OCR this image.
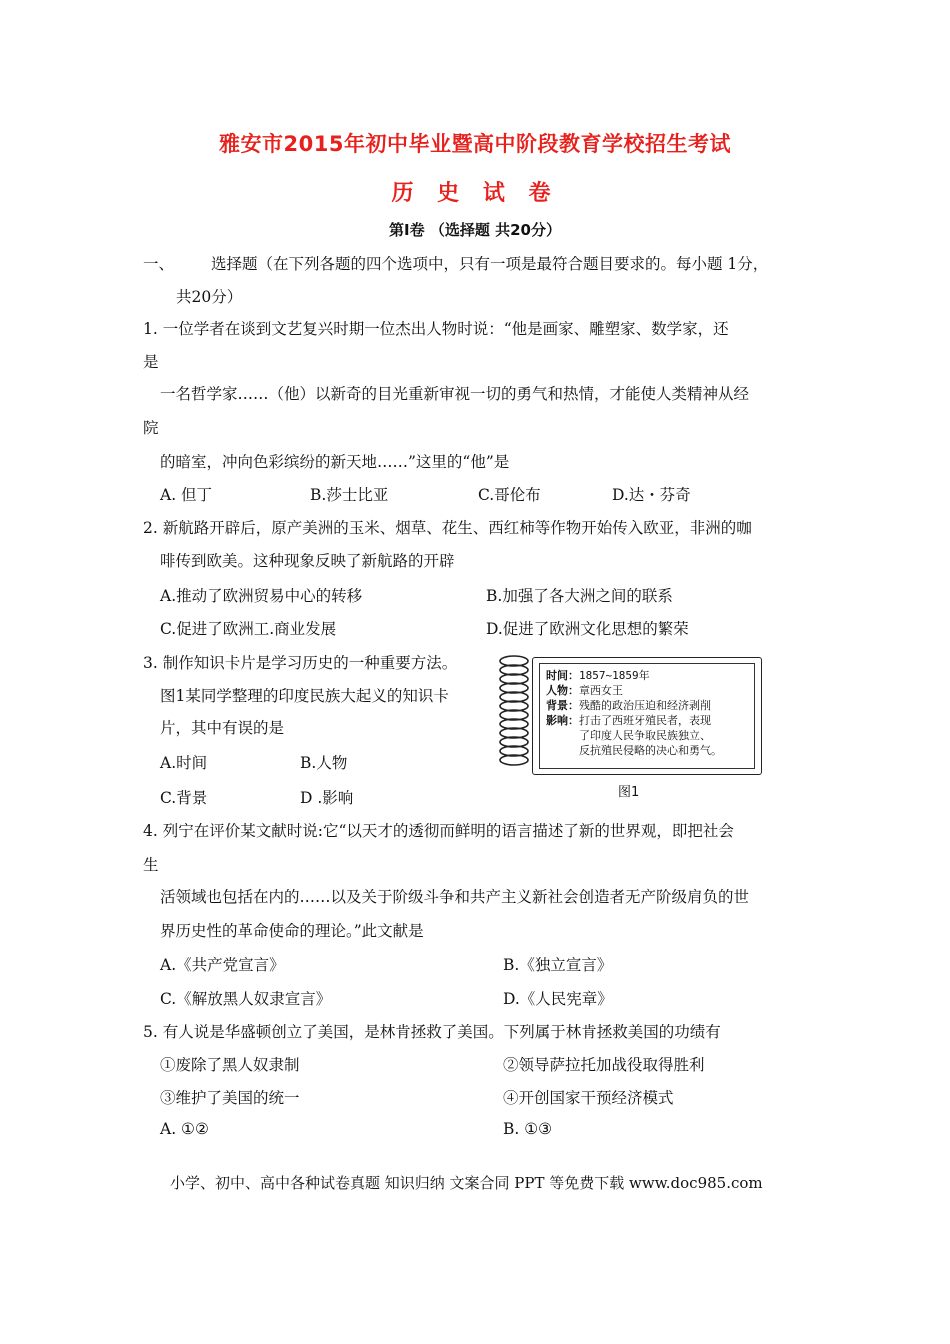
雅安市2015年初中毕业暨高中阶段教育学校招生考试
历 史 试 卷
第Ⅰ卷 （选择题 共20分）
一、 选择题（在下列各题的四个选项中，只有一项是最符合题目要求的。每小题 1分，
共20分）
1. 一位学者在谈到文艺复兴时期一位杰出人物时说：“他是画家、雕塑家、数学家，还
是
一名哲学家……（他）以新奇的目光重新审视一切的勇气和热情，才能使人类精神从经
院
的暗室，冲向色彩缤纷的新天地……”这里的“他”是
A. 但丁	B.莎士比亚	C.哥伦布	D.达・芬奇
2. 新航路开辟后，原产美洲的玉米、烟草、花生、西红柿等作物开始传入欧亚，非洲的咖
啡传到欧美。这种现象反映了新航路的开辟
A.推动了欧洲贸易中心的转移	B.加强了各大洲之间的联系
C.促进了欧洲工.商业发展	D.促进了欧洲文化思想的繁荣
3. 制作知识卡片是学习历史的一种重要方法。
图1某同学整理的印度民族大起义的知识卡
片，其中有误的是
A.时间	B.人物
C.背景	D .影响
时间：1857~1859年
人物：章西女王
背景：残酷的政治压迫和经济剥削
影响：打击了西班牙殖民者，表现
了印度人民争取民族独立、
反抗殖民侵略的决心和勇气。
图1
4. 列宁在评价某文献时说:它“以天才的透彻而鲜明的语言描述了新的世界观，即把社会
生
活领域也包括在内的……以及关于阶级斗争和共产主义新社会创造者无产阶级肩负的世
界历史性的革命使命的理论。”此文献是
A.《共产党宣言》	B.《独立宣言》
C.《解放黑人奴隶宣言》	D.《人民宪章》
5. 有人说是华盛顿创立了美国，是林肯拯救了美国。下列属于林肯拯救美国的功绩有
①废除了黑人奴隶制	②领导萨拉托加战役取得胜利
③维护了美国的统一	④开创国家干预经济模式
A. ①②	B. ①③
小学、初中、高中各种试卷真题 知识归纳 文案合同 PPT 等免费下载 www.doc985.com
